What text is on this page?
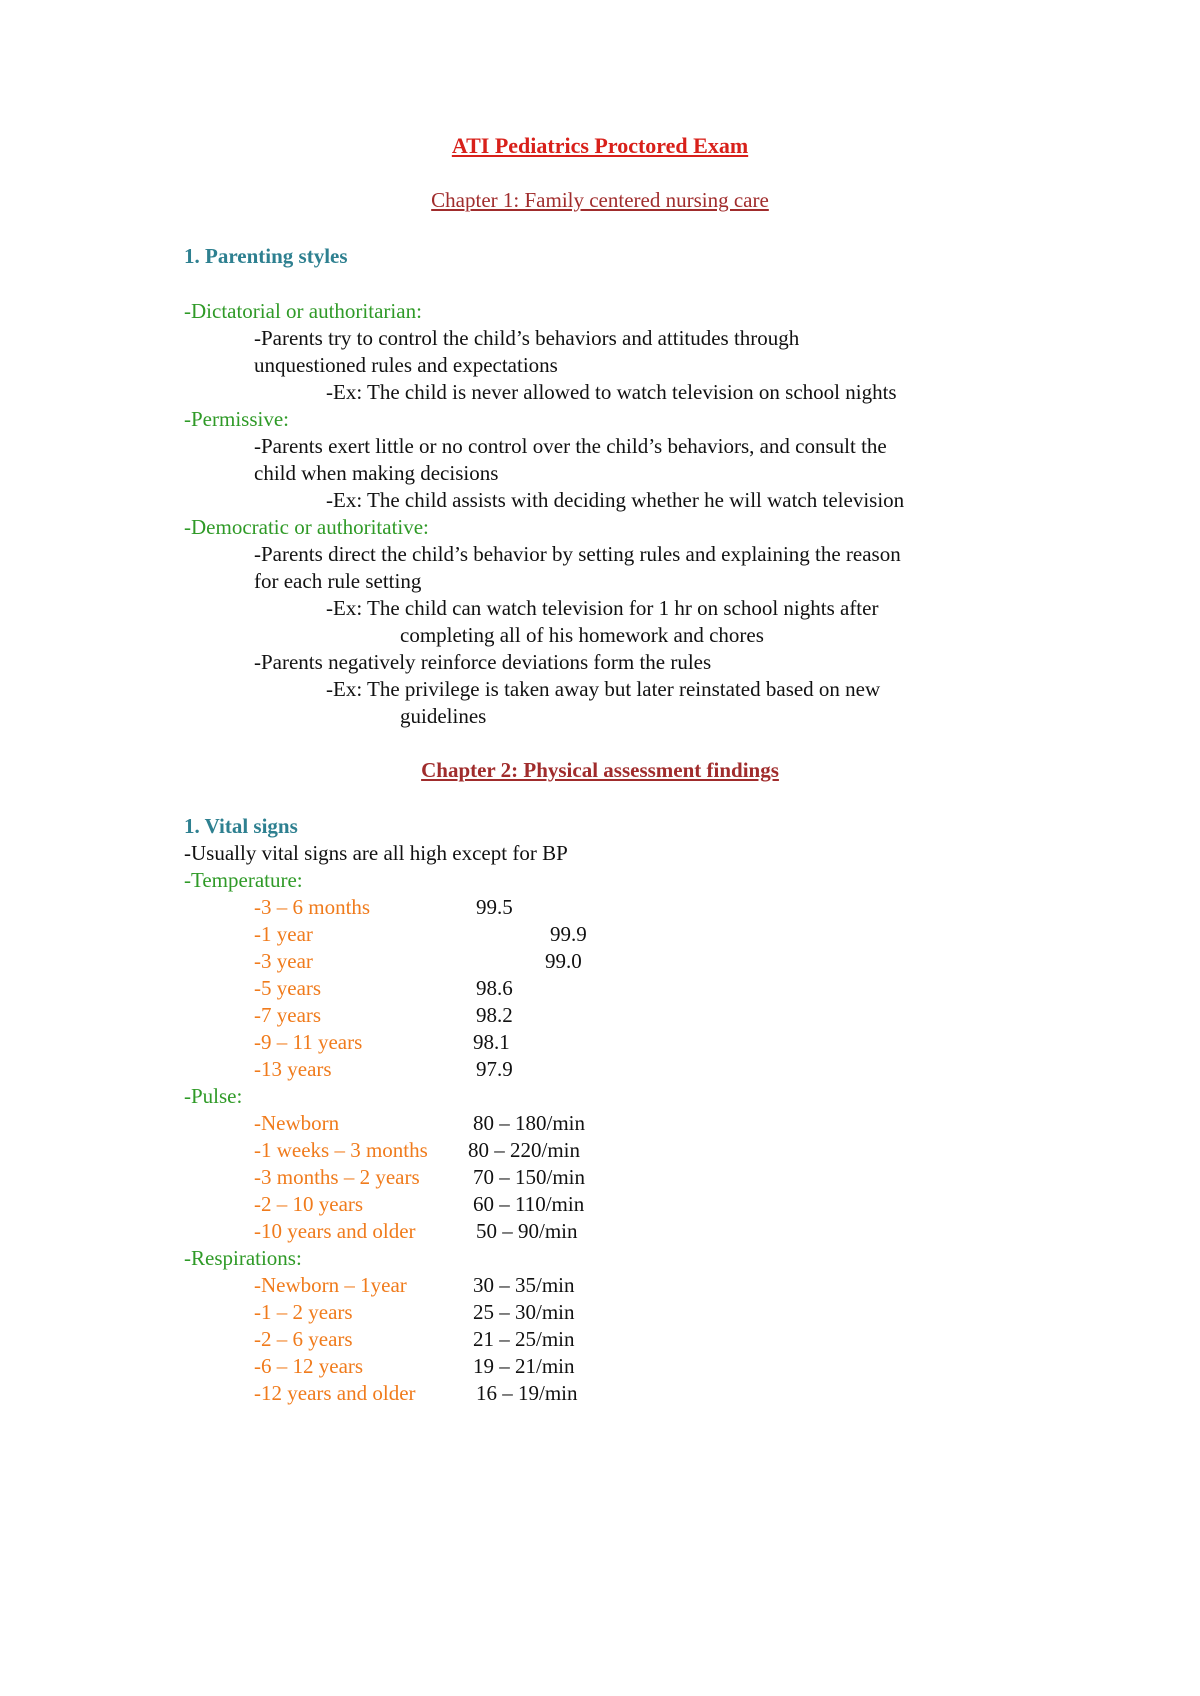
ATI Pediatrics Proctored Exam
Chapter 1: Family centered nursing care
1. Parenting styles
-Dictatorial or authoritarian:
-Parents try to control the child’s behaviors and attitudes through
unquestioned rules and expectations
-Ex: The child is never allowed to watch television on school nights
-Permissive:
-Parents exert little or no control over the child’s behaviors, and consult the
child when making decisions
-Ex: The child assists with deciding whether he will watch television
-Democratic or authoritative:
-Parents direct the child’s behavior by setting rules and explaining the reason
for each rule setting
-Ex: The child can watch television for 1 hr on school nights after
completing all of his homework and chores
-Parents negatively reinforce deviations form the rules
-Ex: The privilege is taken away but later reinstated based on new
guidelines
Chapter 2: Physical assessment findings
1. Vital signs
-Usually vital signs are all high except for BP
-Temperature:
-3 – 6 months	99.5
-1 year	99.9
-3 year	99.0
-5 years	98.6
-7 years	98.2
-9 – 11 years	98.1
-13 years	97.9
-Pulse:
-Newborn	80 – 180/min
-1 weeks – 3 months 80 – 220/min
-3 months – 2 years	70 – 150/min
-2 – 10 years	60 – 110/min
-10 years and older	50 – 90/min
-Respirations:
-Newborn – 1year	30 – 35/min
-1 – 2 years	25 – 30/min
-2 – 6 years	21 – 25/min
-6 – 12 years	19 – 21/min
-12 years and older	16 – 19/min
